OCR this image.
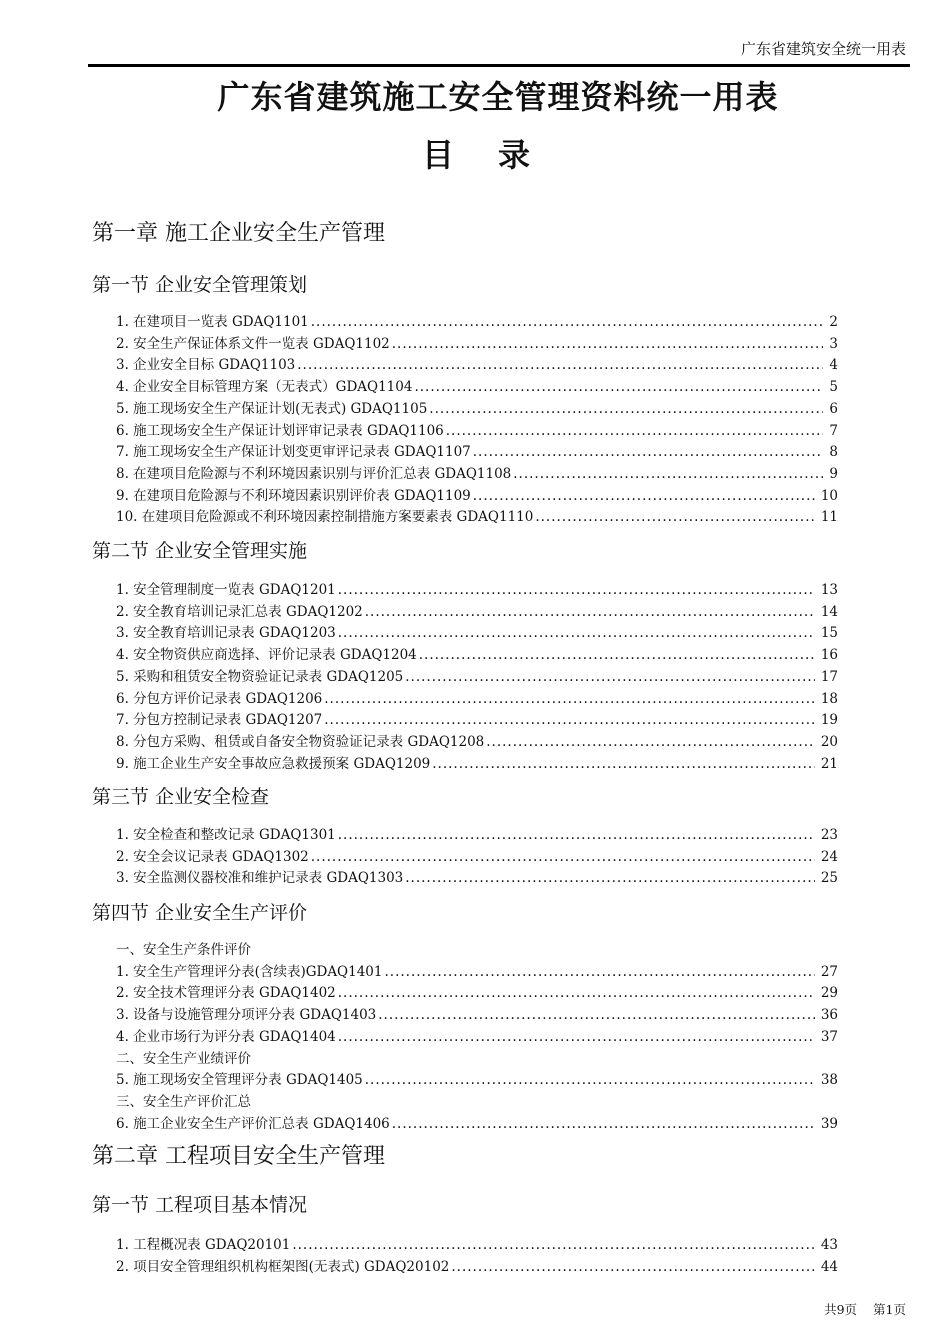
广东省建筑安全统一用表
广东省建筑施工安全管理资料统一用表
目录
第一章 施工企业安全生产管理
第一节 企业安全管理策划
1. 在建项目一览表 GDAQ1101 .....	2
2. 安全生产保证体系文件一览表 GDAQ1102 .....	3
3. 企业安全目标 GDAQ1103 .....	4
4. 企业安全目标管理方案（无表式）GDAQ1104 .....	5
5. 施工现场安全生产保证计划(无表式) GDAQ1105 .....	6
6. 施工现场安全生产保证计划评审记录表 GDAQ1106 .....	7
7. 施工现场安全生产保证计划变更审评记录表 GDAQ1107 .....	8
8. 在建项目危险源与不利环境因素识别与评价汇总表 GDAQ1108 .....	9
9. 在建项目危险源与不利环境因素识别评价表 GDAQ1109 .....	10
10. 在建项目危险源或不利环境因素控制措施方案要素表 GDAQ1110 .....	11
第二节 企业安全管理实施
1. 安全管理制度一览表 GDAQ1201 .....	13
2. 安全教育培训记录汇总表 GDAQ1202 .....	14
3. 安全教育培训记录表 GDAQ1203 .....	15
4. 安全物资供应商选择、评价记录表 GDAQ1204 .....	16
5. 采购和租赁安全物资验证记录表 GDAQ1205 .....	17
6. 分包方评价记录表 GDAQ1206 .....	18
7. 分包方控制记录表 GDAQ1207 .....	19
8. 分包方采购、租赁或自备安全物资验证记录表 GDAQ1208 .....	20
9. 施工企业生产安全事故应急救援预案 GDAQ1209 .....	21
第三节 企业安全检查
1. 安全检查和整改记录 GDAQ1301 .....	23
2. 安全会议记录表 GDAQ1302 .....	24
3. 安全监测仪器校准和维护记录表 GDAQ1303 .....	25
第四节 企业安全生产评价
一、安全生产条件评价
1. 安全生产管理评分表(含续表)GDAQ1401 .....	27
2. 安全技术管理评分表 GDAQ1402 .....	29
3. 设备与设施管理分项评分表 GDAQ1403 .....	36
4. 企业市场行为评分表 GDAQ1404 .....	37
二、安全生产业绩评价
5. 施工现场安全管理评分表 GDAQ1405 .....	38
三、安全生产评价汇总
6. 施工企业安全生产评价汇总表 GDAQ1406 .....	39
第二章 工程项目安全生产管理
第一节 工程项目基本情况
1. 工程概况表 GDAQ20101 .....	43
2. 项目安全管理组织机构框架图(无表式) GDAQ20102 .....	44
共9页 第1页
